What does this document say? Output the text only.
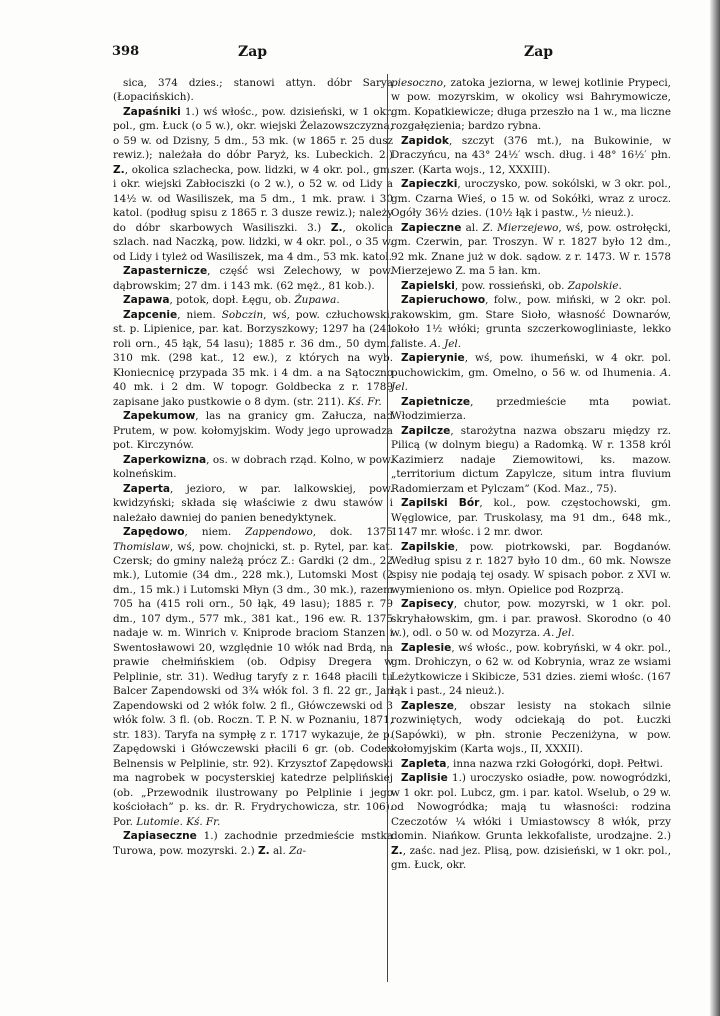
398	Zap	Zap

sica, 374 dzies.; stanowi attyn. dóbr Sarya (Łopacińskich).

Zapaśniki 1.) wś włośc., pow. dzisieński, w 1 okr. pol., gm. Łuck (o 5 w.), okr. wiejski Żelazowszczyzna, o 59 w. od Dzisny, 5 dm., 53 mk. (w 1865 r. 25 dusz rewiz.); należała do dóbr Paryż, ks. Lubeckich. 2.) Z., okolica szlachecka, pow. lidzki, w 4 okr. pol., gm. i okr. wiejski Zabłociszki (o 2 w.), o 52 w. od Lidy a 14½ w. od Wasiliszek, ma 5 dm., 1 mk. praw. i 30 katol. (podług spisu z 1865 r. 3 dusze rewiz.); należy do dóbr skarbowych Wasiliszki. 3.) Z., okolica szlach. nad Naczką, pow. lidzki, w 4 okr. pol., o 35 w. od Lidy i tyleż od Wasiliszek, ma 4 dm., 53 mk. katol.

Zapasternicze, część wsi Zelechowy, w pow. dąbrowskim; 27 dm. i 143 mk. (62 męż., 81 kob.).

Zapawa, potok, dopł. Łęgu, ob. Żupawa.

Zapcenie, niem. Sobczin, wś, pow. człuchowski, st. p. Lipienice, par. kat. Borzyszkowy; 1297 ha (241 roli orn., 45 łąk, 54 lasu); 1885 r. 36 dm., 50 dym., 310 mk. (298 kat., 12 ew.), z których na wyb. Kłoniecnicę przypada 35 mk. i 4 dm. a na Sątoczno 40 mk. i 2 dm. W topogr. Goldbecka z r. 1789 zapisane jako pustkowie o 8 dym. (str. 211). Kś. Fr.

Zapekumow, las na granicy gm. Załucza, nad Prutem, w pow. kołomyjskim. Wody jego uprowadza pot. Kirczynów.

Zaperkowizna, os. w dobrach rząd. Kolno, w pow. kolneńskim.

Zaperta, jezioro, w par. lalkowskiej, pow. kwidzyński; składa się właściwie z dwu stawów i należało dawniej do panien benedyktynek.

Zapędowo, niem. Zappendowo, dok. 1375 Thomislaw, wś, pow. chojnicki, st. p. Rytel, par. kat. Czersk; do gminy należą prócz Z.: Gardki (2 dm., 22 mk.), Lutomie (34 dm., 228 mk.), Lutomski Most (2 dm., 15 mk.) i Lutomski Młyn (3 dm., 30 mk.), razem 705 ha (415 roli orn., 50 łąk, 49 lasu); 1885 r. 79 dm., 107 dym., 577 mk., 381 kat., 196 ew. R. 1375 nadaje w. m. Winrich v. Kniprode braciom Stanzen i Swentosławowi 20, względnie 10 włók nad Brdą, na prawie chełmińskiem (ob. Odpisy Dregera w Pelplinie, str. 31). Według taryfy z r. 1648 płacili tu Balcer Zapendowski od 3¾ włók fol. 3 fl. 22 gr., Jan Zapendowski od 2 włók folw. 2 fl., Główczewski od 3 włók folw. 3 fl. (ob. Roczn. T. P. N. w Poznaniu, 1871, str. 183). Taryfa na sympłę z r. 1717 wykazuje, że p. Zapędowski i Główczewski płacili 6 gr. (ob. Codex Belnensis w Pelplinie, str. 92). Krzysztof Zapędowski ma nagrobek w pocysterskiej katedrze pelplińskiej (ob. „Przewodnik ilustrowany po Pelplinie i jego kościołach” p. ks. dr. R. Frydrychowicza, str. 106). Por. Lutomie. Kś. Fr.

Zapiaseczne 1.) zachodnie przedmieście mstka Turowa, pow. mozyrski. 2.) Z. al. Za-

piesoczno, zatoka jeziorna, w lewej kotlinie Prypeci, w pow. mozyrskim, w okolicy wsi Bahrymowicze, gm. Kopatkiewicze; długa przeszło na 1 w., ma liczne rozgałęzienia; bardzo rybna.

Zapidok, szczyt (376 mt.), na Bukowinie, w Draczyńcu, na 43° 24½′ wsch. dług. i 48° 16½′ płn. szer. (Karta wojs., 12, XXXIII).

Zapieczki, uroczysko, pow. sokólski, w 3 okr. pol., gm. Czarna Wieś, o 15 w. od Sokółki, wraz z urocz. Ogóły 36½ dzies. (10½ łąk i pastw., ½ nieuż.).

Zapieczne al. Z. Mierzejewo, wś, pow. ostrołęcki, gm. Czerwin, par. Troszyn. W r. 1827 było 12 dm., 92 mk. Znane już w dok. sądow. z r. 1473. W r. 1578 Mierzejewo Z. ma 5 łan. km.

Zapielski, pow. rossieński, ob. Zapolskie.

Zapieruchowo, folw., pow. miński, w 2 okr. pol. rakowskim, gm. Stare Sioło, własność Downarów, około 1½ włóki; grunta szczerkowogliniaste, lekko faliste. A. Jel.

Zapierynie, wś, pow. ihumeński, w 4 okr. pol. puchowickim, gm. Omelno, o 56 w. od Ihumenia. A. Jel.

Zapietnicze, przedmieście mta powiat. Włodzimierza.

Zapilcze, starożytna nazwa obszaru między rz. Pilicą (w dolnym biegu) a Radomką. W r. 1358 król Kazimierz nadaje Ziemowitowi, ks. mazow. „territorium dictum Zapylcze, situm intra fluvium Radomierzam et Pylczam” (Kod. Maz., 75).

Zapilski Bór, kol., pow. częstochowski, gm. Węglowice, par. Truskolasy, ma 91 dm., 648 mk., 1147 mr. włośc. i 2 mr. dwor.

Zapilskie, pow. piotrkowski, par. Bogdanów. Według spisu z r. 1827 było 10 dm., 60 mk. Nowsze spisy nie podają tej osady. W spisach pobor. z XVI w. wymieniono os. młyn. Opielice pod Rozprzą.

Zapisecy, chutor, pow. mozyrski, w 1 okr. pol. skryhałowskim, gm. i par. prawosł. Skorodno (o 40 w.), odl. o 50 w. od Mozyrza. A. Jel.

Zaplesie, wś włośc., pow. kobryński, w 4 okr. pol., gm. Drohiczyn, o 62 w. od Kobrynia, wraz ze wsiami Leżytkowicze i Skibicze, 531 dzies. ziemi włośc. (167 łąk i past., 24 nieuż.).

Zaplesze, obszar lesisty na stokach silnie rozwiniętych, wody odciekają do pot. Łuczki (Sapówki), w płn. stronie Peczeniżyna, w pow. kołomyjskim (Karta wojs., II, XXXII).

Zapleta, inna nazwa rzki Gołogórki, dopł. Pełtwi.

Zaplisie 1.) uroczysko osiadłe, pow. nowogródzki, w 1 okr. pol. Lubcz, gm. i par. katol. Wselub, o 29 w. od Nowogródka; mają tu własności: rodzina Czeczotów ¼ włóki i Umiastowscy 8 włók, przy domin. Niańkow. Grunta lekkofaliste, urodzajne. 2.) Z., zaśc. nad jez. Plisą, pow. dzisieński, w 1 okr. pol., gm. Łuck, okr.
